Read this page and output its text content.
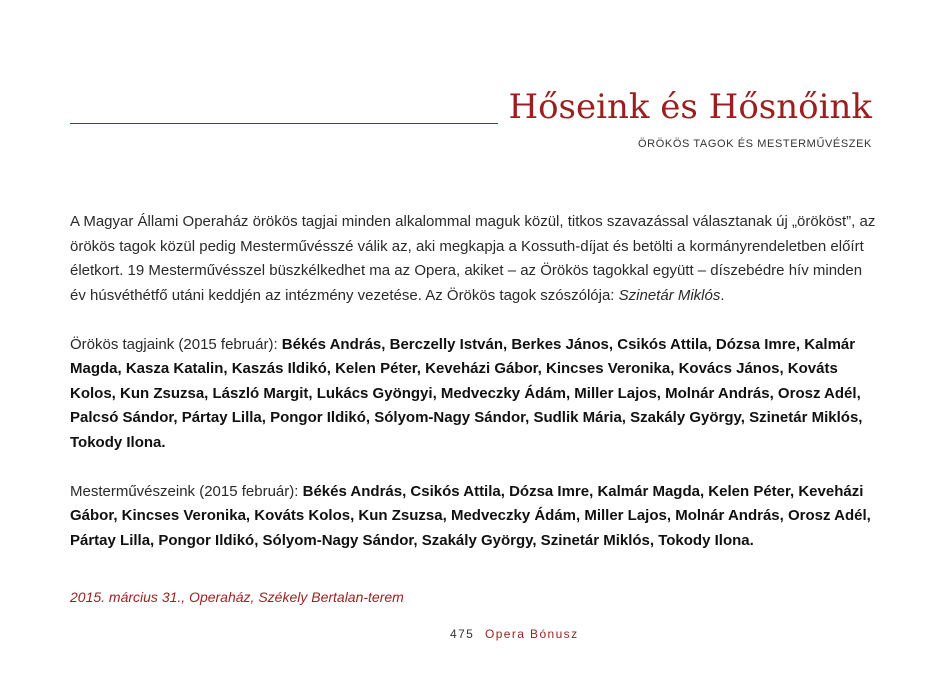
Hőseink és Hősnőink
ÖRÖKÖS TAGOK ÉS MESTERMŰVÉSZEK

A Magyar Állami Operaház örökös tagjai minden alkalommal maguk közül, titkos szavazással választanak új „örököst”, az örökös tagok közül pedig Mesterművésszé válik az, aki megkapja a Kossuth-díjat és betölti a kormányrendeletben előírt életkort. 19 Mesterművésszel büszkélkedhet ma az Opera, akiket – az Örökös tagokkal együtt – díszebédre hív minden év húsvéthétfő utáni keddjén az intézmény vezetése. Az Örökös tagok szószólója: Szinetár Miklós.

Örökös tagjaink (2015 február): Békés András, Berczelly István, Berkes János, Csikós Attila, Dózsa Imre, Kalmár Magda, Kasza Katalin, Kaszás Ildikó, Kelen Péter, Keveházi Gábor, Kincses Veronika, Kovács János, Kováts Kolos, Kun Zsuzsa, László Margit, Lukács Gyöngyi, Medveczky Ádám, Miller Lajos, Molnár András, Orosz Adél, Palcsó Sándor, Pártay Lilla, Pongor Ildikó, Sólyom-Nagy Sándor, Sudlik Mária, Szakály György, Szinetár Miklós, Tokody Ilona.

Mesterművészeink (2015 február): Békés András, Csikós Attila, Dózsa Imre, Kalmár Magda, Kelen Péter, Keveházi Gábor, Kincses Veronika, Kováts Kolos, Kun Zsuzsa, Medveczky Ádám, Miller Lajos, Molnár András, Orosz Adél, Pártay Lilla, Pongor Ildikó, Sólyom-Nagy Sándor, Szakály György, Szinetár Miklós, Tokody Ilona.

2015. március 31., Operaház, Székely Bertalan-terem
475 Opera Bónusz
